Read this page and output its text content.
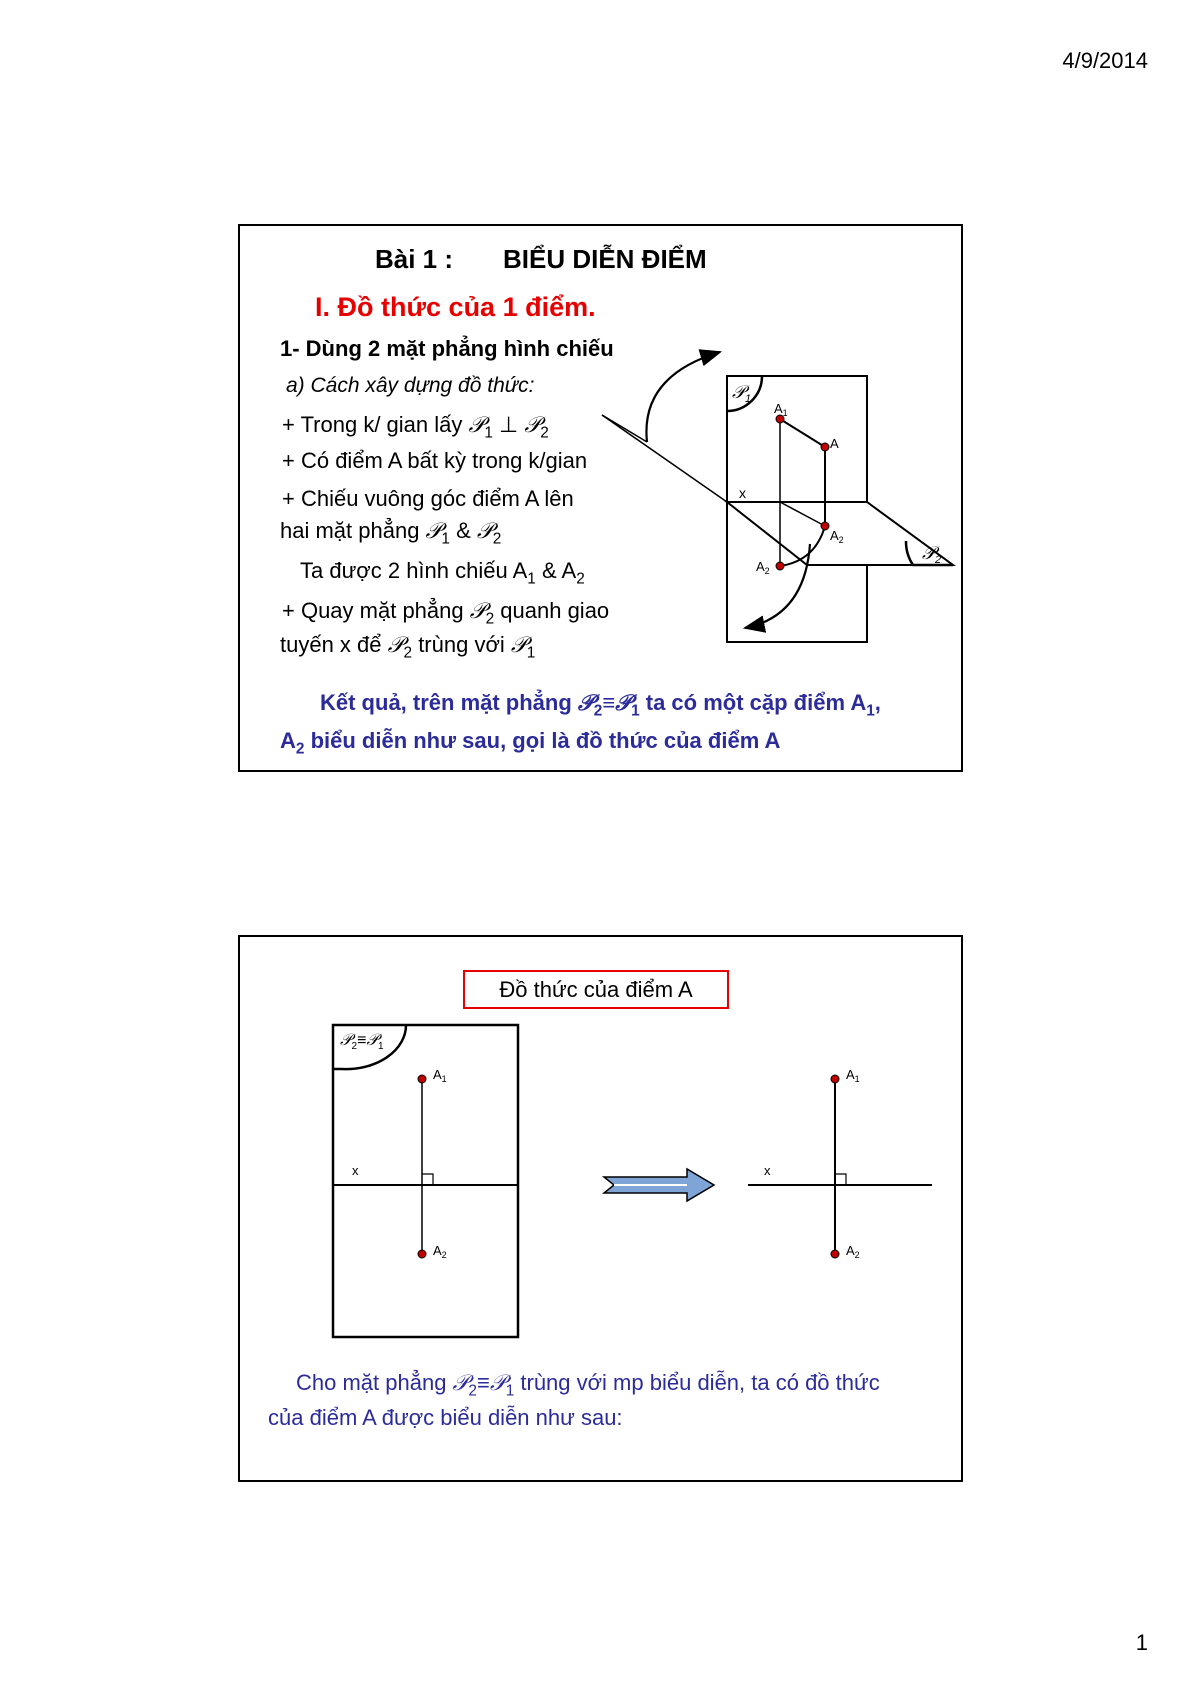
4/9/2014
Bài 1 : BIỂU DIỄN ĐIỂM
I. Đồ thức của 1 điểm.
1- Dùng 2 mặt phẳng hình chiếu
a) Cách xây dựng đồ thức:
+ Trong k/ gian lấy 𝒫$_1$ ⊥ 𝒫$_2$
+ Có điểm A bất kỳ trong k/gian
+ Chiếu vuông góc điểm A lên
hai mặt phẳng 𝒫$_1$ & 𝒫$_2$
Ta được 2 hình chiếu $A_1$ & $A_2$
+ Quay mặt phẳng 𝒫$_2$ quanh giao
tuyến x để 𝒫$_2$ trùng với 𝒫$_1$
Kết quả, trên mặt phẳng 𝒫$_2$≡𝒫$_1$ ta có một cặp điểm $A_1$,
$A_2$ biểu diễn như sau, gọi là đồ thức của điểm A
𝒫$_1$
𝒫$_2$
x
$A_1$
A
$A_2$
$A_2$
Đồ thức của điểm A
𝒫$_2$≡𝒫$_1$
x
$A_1$
$A_2$
x
$A_1$
$A_2$
Cho mặt phẳng 𝒫$_2$≡𝒫$_1$ trùng với mp biểu diễn, ta có đồ thức
của điểm A được biểu diễn như sau:
1
